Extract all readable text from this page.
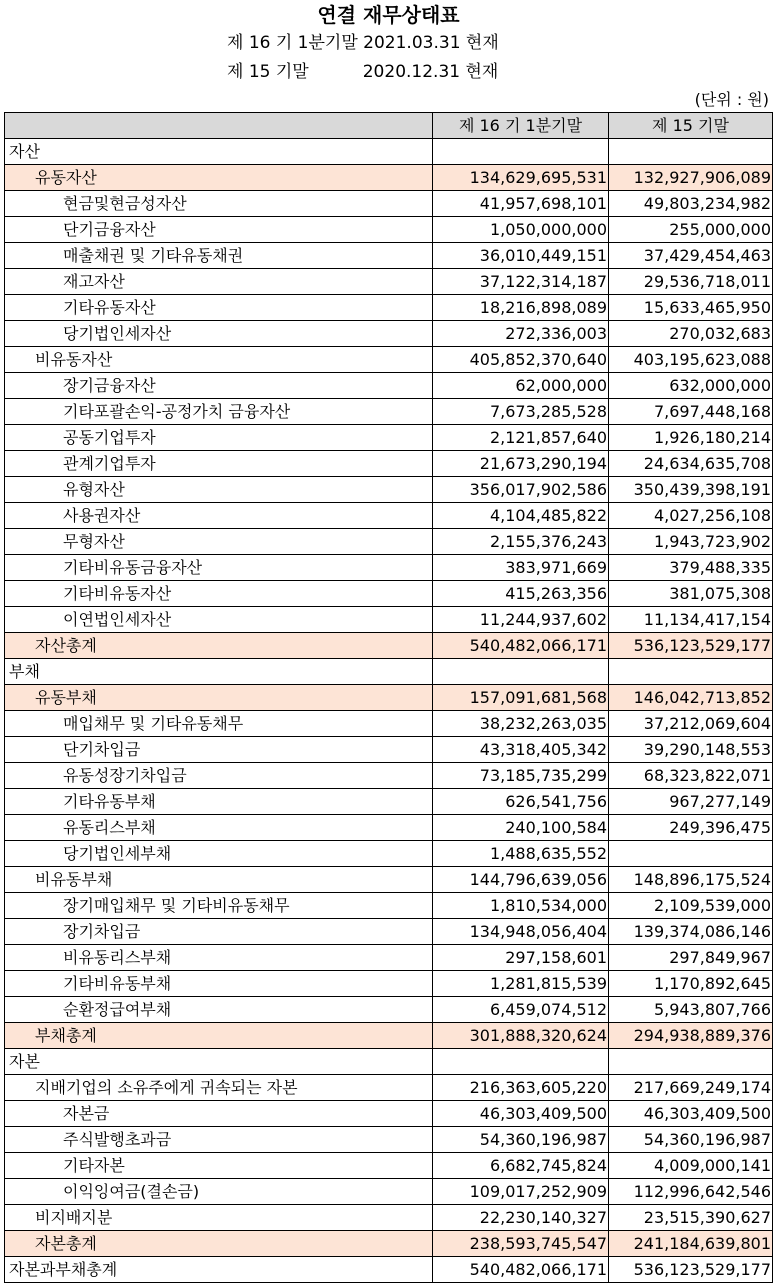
연결 재무상태표
제 16 기 1분기말 2021.03.31 현재
제 15 기말          2020.12.31 현재
(단위 : 원)
	제 16 기 1분기말	제 15 기말
자산		
유동자산	134,629,695,531	132,927,906,089
현금및현금성자산	41,957,698,101	49,803,234,982
단기금융자산	1,050,000,000	255,000,000
매출채권 및 기타유동채권	36,010,449,151	37,429,454,463
재고자산	37,122,314,187	29,536,718,011
기타유동자산	18,216,898,089	15,633,465,950
당기법인세자산	272,336,003	270,032,683
비유동자산	405,852,370,640	403,195,623,088
장기금융자산	62,000,000	632,000,000
기타포괄손익-공정가치 금융자산	7,673,285,528	7,697,448,168
공동기업투자	2,121,857,640	1,926,180,214
관계기업투자	21,673,290,194	24,634,635,708
유형자산	356,017,902,586	350,439,398,191
사용권자산	4,104,485,822	4,027,256,108
무형자산	2,155,376,243	1,943,723,902
기타비유동금융자산	383,971,669	379,488,335
기타비유동자산	415,263,356	381,075,308
이연법인세자산	11,244,937,602	11,134,417,154
자산총계	540,482,066,171	536,123,529,177
부채		
유동부채	157,091,681,568	146,042,713,852
매입채무 및 기타유동채무	38,232,263,035	37,212,069,604
단기차입금	43,318,405,342	39,290,148,553
유동성장기차입금	73,185,735,299	68,323,822,071
기타유동부채	626,541,756	967,277,149
유동리스부채	240,100,584	249,396,475
당기법인세부채	1,488,635,552	
비유동부채	144,796,639,056	148,896,175,524
장기매입채무 및 기타비유동채무	1,810,534,000	2,109,539,000
장기차입금	134,948,056,404	139,374,086,146
비유동리스부채	297,158,601	297,849,967
기타비유동부채	1,281,815,539	1,170,892,645
순환정급여부채	6,459,074,512	5,943,807,766
부채총계	301,888,320,624	294,938,889,376
자본		
지배기업의 소유주에게 귀속되는 자본	216,363,605,220	217,669,249,174
자본금	46,303,409,500	46,303,409,500
주식발행초과금	54,360,196,987	54,360,196,987
기타자본	6,682,745,824	4,009,000,141
이익잉여금(결손금)	109,017,252,909	112,996,642,546
비지배지분	22,230,140,327	23,515,390,627
자본총계	238,593,745,547	241,184,639,801
자본과부채총계	540,482,066,171	536,123,529,177
